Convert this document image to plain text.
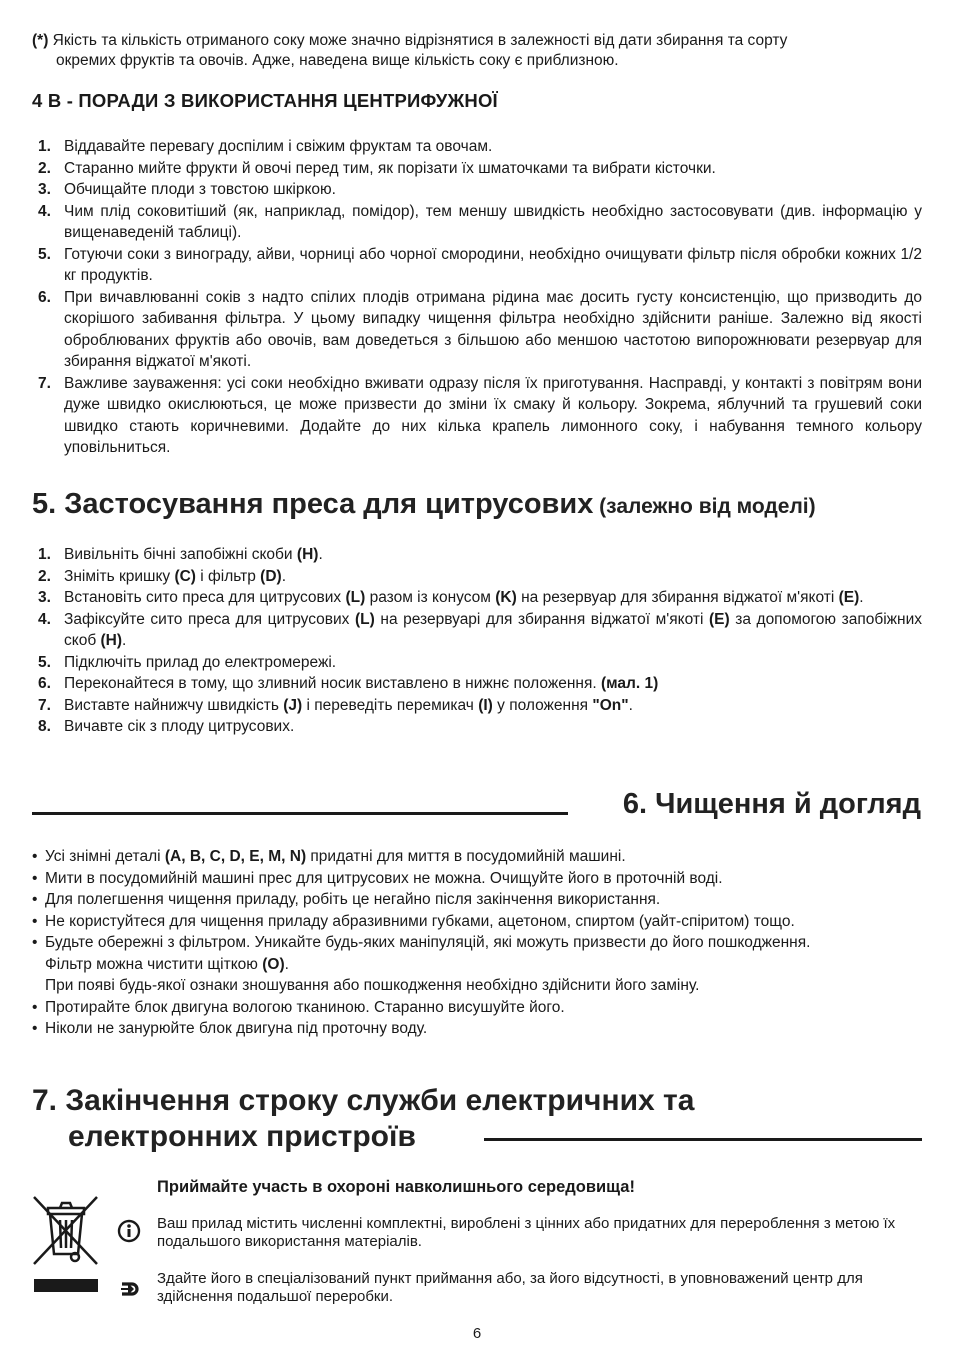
(*) Якість та кількість отриманого соку може значно відрізнятися в залежності від дати збирання та сорту
окремих фруктів та овочів. Адже, наведена вище кількість соку є приблизною.
4 B - ПОРАДИ З ВИКОРИСТАННЯ ЦЕНТРИФУЖНОЇ
1. Віддавайте перевагу доспілим і свіжим фруктам та овочам.
2. Старанно мийте фрукти й овочі перед тим, як порізати їх шматочками та вибрати кісточки.
3. Обчищайте плоди з товстою шкіркою.
4. Чим плід соковитіший (як, наприклад, помідор), тем меншу швидкість необхідно застосовувати (див. інформацію у вищенаведеній таблиці).
5. Готуючи соки з винограду, айви, чорниці або чорної смородини, необхідно очищувати фільтр після обробки кожних 1/2 кг продуктів.
6. При вичавлюванні соків з надто спілих плодів отримана рідина має досить густу консистенцію, що призводить до скорішого забивання фільтра. У цьому випадку чищення фільтра необхідно здійснити раніше. Залежно від якості оброблюваних фруктів або овочів, вам доведеться з більшою або меншою частотою випорожнювати резервуар для збирання віджатої м'якоті.
7. Важливе зауваження: усі соки необхідно вживати одразу після їх приготування. Насправді, у контакті з повітрям вони дуже швидко окислюються, це може призвести до зміни їх смаку й кольору. Зокрема, яблучний та грушевий соки швидко стають коричневими. Додайте до них кілька крапель лимонного соку, і набування темного кольору уповільниться.
5. Застосування преса для цитрусових (залежно від моделі)
1. Вивільніть бічні запобіжні скоби (H).
2. Зніміть кришку (C) і фільтр (D).
3. Встановіть сито преса для цитрусових (L) разом із конусом (K) на резервуар для збирання віджатої м'якоті (E).
4. Зафіксуйте сито преса для цитрусових (L) на резервуарі для збирання віджатої м'якоті (E) за допомогою запобіжних скоб (H).
5. Підключіть прилад до електромережі.
6. Переконайтеся в тому, що зливний носик виставлено в нижнє положення. (мал. 1)
7. Виставте найнижчу швидкість (J) і переведіть перемикач (I) у положення "On".
8. Вичавте сік з плоду цитрусових.
6. Чищення й догляд
• Усі знімні деталі (A, B, C, D, E, M, N) придатні для миття в посудомийній машині.
• Мити в посудомийній машині прес для цитрусових не можна. Очищуйте його в проточній воді.
• Для полегшення чищення приладу, робіть це негайно після закінчення використання.
• Не користуйтеся для чищення приладу абразивними губками, ацетоном, спиртом (уайт-спіритом) тощо.
• Будьте обережні з фільтром. Уникайте будь-яких маніпуляцій, які можуть призвести до його пошкодження. Фільтр можна чистити щіткою (O).
При появі будь-якої ознаки зношування або пошкодження необхідно здійснити його заміну.
• Протирайте блок двигуна вологою тканиною. Старанно висушуйте його.
• Ніколи не занурюйте блок двигуна під проточну воду.
7. Закінчення строку служби електричних та
електронних пристроїв
Приймайте участь в охороні навколишнього середовища!
Ваш прилад містить численні комплектні, вироблені з цінних або придатних для перероблення з метою їх подальшого використання матеріалів.
Здайте його в спеціалізований пункт приймання або, за його відсутності, в уповноважений центр для здійснення подальшої переробки.
6
